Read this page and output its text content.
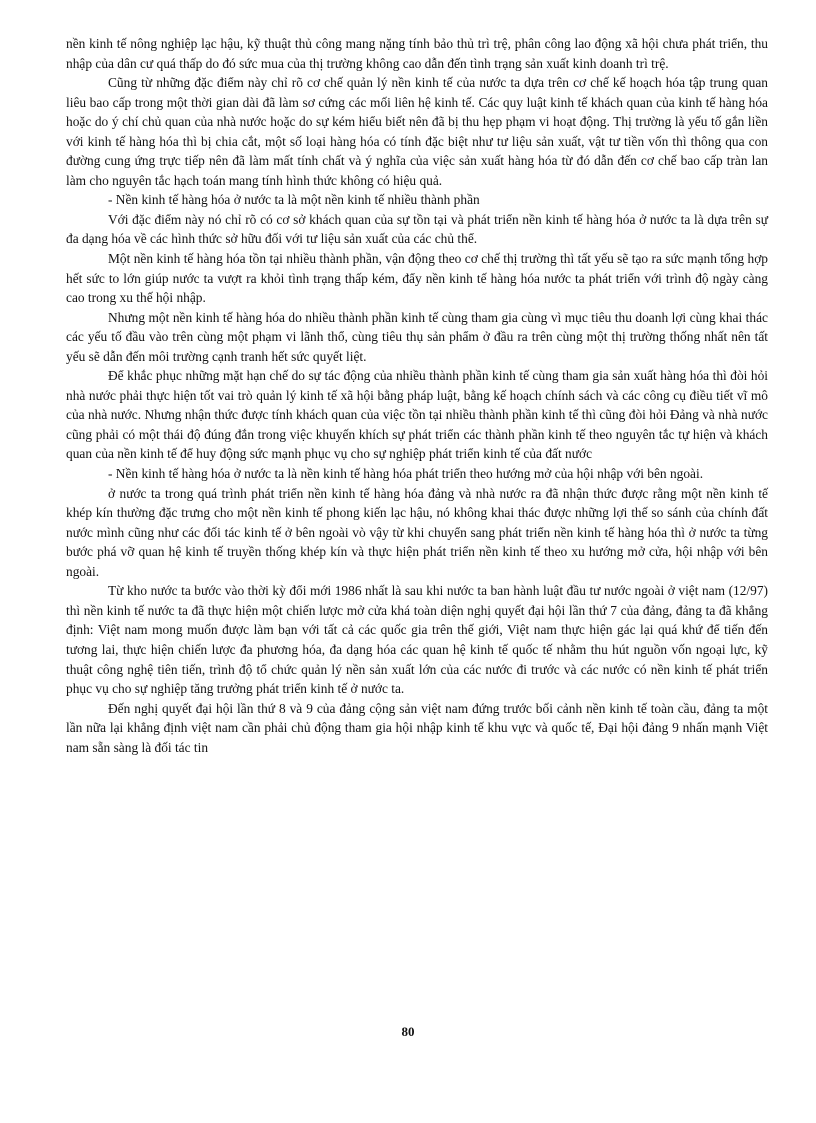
nền kinh tế nông nghiệp lạc hậu, kỹ thuật thủ công mang nặng tính bảo thủ trì trệ, phân công lao động xã hội chưa phát triển, thu nhập của dân cư quá thấp do đó sức mua của thị trường không cao dẫn đến tình trạng sản xuất kinh doanh trì trệ.

Cũng từ những đặc điểm này chỉ rõ cơ chế quản lý nền kinh tế của nước ta dựa trên cơ chế kế hoạch hóa tập trung quan liêu bao cấp trong một thời gian dài đã làm sơ cứng các mối liên hệ kinh tế. Các quy luật kinh tế khách quan của kinh tế hàng hóa hoặc do ý chí chủ quan của nhà nước hoặc do sự kém hiểu biết nên đã bị thu hẹp phạm vi hoạt động. Thị trường là yếu tố gắn liền với kinh tế hàng hóa thì bị chia cắt, một số loại hàng hóa có tính đặc biệt như tư liệu sản xuất, vật tư tiền vốn thì thông qua con đường cung ứng trực tiếp nên đã làm mất tính chất và ý nghĩa của việc sản xuất hàng hóa từ đó dẫn đến cơ chế bao cấp tràn lan làm cho nguyên tắc hạch toán mang tính hình thức không có hiệu quả.

- Nền kinh tế hàng hóa ở nước ta là một nền kinh tế nhiều thành phần

Với đặc điểm này nó chỉ rõ có cơ sở khách quan của sự tồn tại và phát triển nền kinh tế hàng hóa ở nước ta là dựa trên sự đa dạng hóa về các hình thức sở hữu đối với tư liệu sản xuất của các chủ thể.

Một nền kinh tế hàng hóa tồn tại nhiều thành phần, vận động theo cơ chế thị trường thì tất yếu sẽ tạo ra sức mạnh tổng hợp hết sức to lớn giúp nước ta vượt ra khỏi tình trạng thấp kém, đẩy nền kinh tế hàng hóa nước ta phát triển với trình độ ngày càng cao trong xu thế hội nhập.

Nhưng một nền kinh tế hàng hóa do nhiều thành phần kinh tế cùng tham gia cùng vì mục tiêu thu doanh lợi cùng khai thác các yếu tố đầu vào trên cùng một phạm vi lãnh thổ, cùng tiêu thụ sản phẩm ở đầu ra trên cùng một thị trường thống nhất nên tất yếu sẽ dẫn đến môi trường cạnh tranh hết sức quyết liệt.

Để khắc phục những mặt hạn chế do sự tác động của nhiều thành phần kinh tế cùng tham gia sản xuất hàng hóa thì đòi hỏi nhà nước phải thực hiện tốt vai trò quản lý kinh tế xã hội bằng pháp luật, bằng kế hoạch chính sách và các công cụ điều tiết vĩ mô của nhà nước. Nhưng nhận thức được tính khách quan của việc tồn tại nhiều thành phần kinh tế thì cũng đòi hỏi Đảng và nhà nước cũng phải có một thái độ đúng đắn trong việc khuyến khích sự phát triển các thành phần kinh tế theo nguyên tắc tự hiện và khách quan của nền kinh tế để huy động sức mạnh phục vụ cho sự nghiệp phát triển kinh tế của đất nước

- Nền kinh tế hàng hóa ở nước ta là nền kinh tế hàng hóa phát triển theo hướng mở của hội nhập với bên ngoài.

ở nước ta trong quá trình phát triển nền kinh tế hàng hóa đảng và nhà nước ra đã nhận thức được rằng một nền kinh tế khép kín thường đặc trưng cho một nền kinh tế phong kiến lạc hậu, nó không khai thác được những lợi thế so sánh của chính đất nước mình cũng như các đối tác kinh tế ở bên ngoài vò vậy từ khi chuyển sang phát triển nền kinh tế hàng hóa thì ở nước ta từng bước phá vỡ quan hệ kinh tế truyền thống khép kín và thực hiện phát triển nền kinh tế theo xu hướng mở cửa, hội nhập với bên ngoài.

Từ kho nước ta bước vào thời kỳ đổi mới 1986 nhất là sau khi nước ta ban hành luật đầu tư nước ngoài ở việt nam (12/97) thì nền kinh tế nước ta đã thực hiện một chiến lược mở cửa khá toàn diện nghị quyết đại hội lần thứ 7 của đảng, đảng ta đã khẳng định: Việt nam mong muốn được làm bạn với tất cả các quốc gia trên thế giới, Việt nam thực hiện gác lại quá khứ để tiến đến tương lai, thực hiện chiến lược đa phương hóa, đa dạng hóa các quan hệ kinh tế quốc tế nhằm thu hút nguồn vốn ngoại lực, kỹ thuật công nghệ tiên tiến, trình độ tổ chức quản lý nền sản xuất lớn của các nước đi trước và các nước có nền kinh tế phát triển phục vụ cho sự nghiệp tăng trưởng phát triển kinh tế ở nước ta.

Đến nghị quyết đại hội lần thứ 8 và 9 của đảng cộng sản việt nam đứng trước bối cảnh nền kinh tế toàn cầu, đảng ta một lần nữa lại khẳng định việt nam cần phải chủ động tham gia hội nhập kinh tế khu vực và quốc tế, Đại hội đảng 9 nhấn mạnh Việt nam sẵn sàng là đối tác tin

80
